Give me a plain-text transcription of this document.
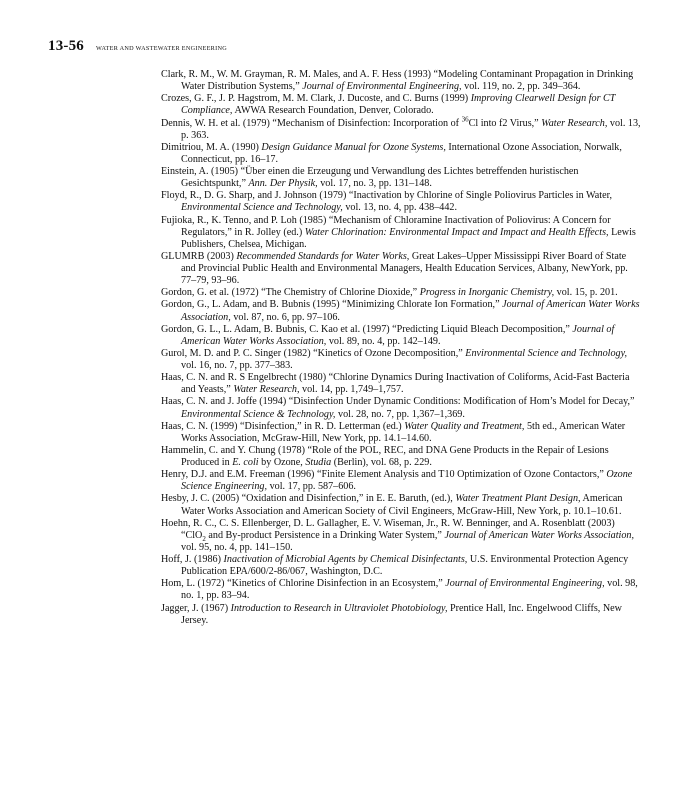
13-56 WATER AND WASTEWATER ENGINEERING
Clark, R. M., W. M. Grayman, R. M. Males, and A. F. Hess (1993) “Modeling Contaminant Propagation in Drinking Water Distribution Systems,” Journal of Environmental Engineering, vol. 119, no. 2, pp. 349–364.
Crozes, G. F., J. P. Hagstrom, M. M. Clark, J. Ducoste, and C. Burns (1999) Improving Clearwell Design for CT Compliance, AWWA Research Foundation, Denver, Colorado.
Dennis, W. H. et al. (1979) “Mechanism of Disinfection: Incorporation of $^{36}$Cl into f2 Virus,” Water Research, vol. 13, p. 363.
Dimitriou, M. A. (1990) Design Guidance Manual for Ozone Systems, International Ozone Association, Norwalk, Connecticut, pp. 16–17.
Einstein, A. (1905) “Über einen die Erzeugung und Verwandlung des Lichtes betreffenden huristischen Gesichtspunkt,” Ann. Der Physik, vol. 17, no. 3, pp. 131–148.
Floyd, R., D. G. Sharp, and J. Johnson (1979) “Inactivation by Chlorine of Single Poliovirus Particles in Water, Environmental Science and Technology, vol. 13, no. 4, pp. 438–442.
Fujioka, R., K. Tenno, and P. Loh (1985) “Mechanism of Chloramine Inactivation of Poliovirus: A Concern for Regulators,” in R. Jolley (ed.) Water Chlorination: Environmental Impact and Impact and Health Effects, Lewis Publishers, Chelsea, Michigan.
GLUMRB (2003) Recommended Standards for Water Works, Great Lakes–Upper Mississippi River Board of State and Provincial Public Health and Environmental Managers, Health Education Services, Albany, NewYork, pp. 77–79, 93–96.
Gordon, G. et al. (1972) “The Chemistry of Chlorine Dioxide,” Progress in Inorganic Chemistry, vol. 15, p. 201.
Gordon, G., L. Adam, and B. Bubnis (1995) “Minimizing Chlorate Ion Formation,” Journal of American Water Works Association, vol. 87, no. 6, pp. 97–106.
Gordon, G. L., L. Adam, B. Bubnis, C. Kao et al. (1997) “Predicting Liquid Bleach Decomposition,” Journal of American Water Works Association, vol. 89, no. 4, pp. 142–149.
Gurol, M. D. and P. C. Singer (1982) “Kinetics of Ozone Decomposition,” Environmental Science and Technology, vol. 16, no. 7, pp. 377–383.
Haas, C. N. and R. S Engelbrecht (1980) “Chlorine Dynamics During Inactivation of Coliforms, Acid-Fast Bacteria and Yeasts,” Water Research, vol. 14, pp. 1,749–1,757.
Haas, C. N. and J. Joffe (1994) “Disinfection Under Dynamic Conditions: Modification of Hom’s Model for Decay,” Environmental Science & Technology, vol. 28, no. 7, pp. 1,367–1,369.
Haas, C. N. (1999) “Disinfection,” in R. D. Letterman (ed.) Water Quality and Treatment, 5th ed., American Water Works Association, McGraw-Hill, New York, pp. 14.1–14.60.
Hammelin, C. and Y. Chung (1978) “Role of the POL, REC, and DNA Gene Products in the Repair of Lesions Produced in E. coli by Ozone, Studia (Berlin), vol. 68, p. 229.
Henry, D.J. and E.M. Freeman (1996) “Finite Element Analysis and T10 Optimization of Ozone Contactors,” Ozone Science Engineering, vol. 17, pp. 587–606.
Hesby, J. C. (2005) “Oxidation and Disinfection,” in E. E. Baruth, (ed.), Water Treatment Plant Design, American Water Works Association and American Society of Civil Engineers, McGraw-Hill, New York, p. 10.1–10.61.
Hoehn, R. C., C. S. Ellenberger, D. L. Gallagher, E. V. Wiseman, Jr., R. W. Benninger, and A. Rosenblatt (2003) “ClO$_2$ and By-product Persistence in a Drinking Water System,” Journal of American Water Works Association, vol. 95, no. 4, pp. 141–150.
Hoff, J. (1986) Inactivation of Microbial Agents by Chemical Disinfectants, U.S. Environmental Protection Agency Publication EPA/600/2-86/067, Washington, D.C.
Hom, L. (1972) “Kinetics of Chlorine Disinfection in an Ecosystem,” Journal of Environmental Engineering, vol. 98, no. 1, pp. 83–94.
Jagger, J. (1967) Introduction to Research in Ultraviolet Photobiology, Prentice Hall, Inc. Engelwood Cliffs, New Jersey.
